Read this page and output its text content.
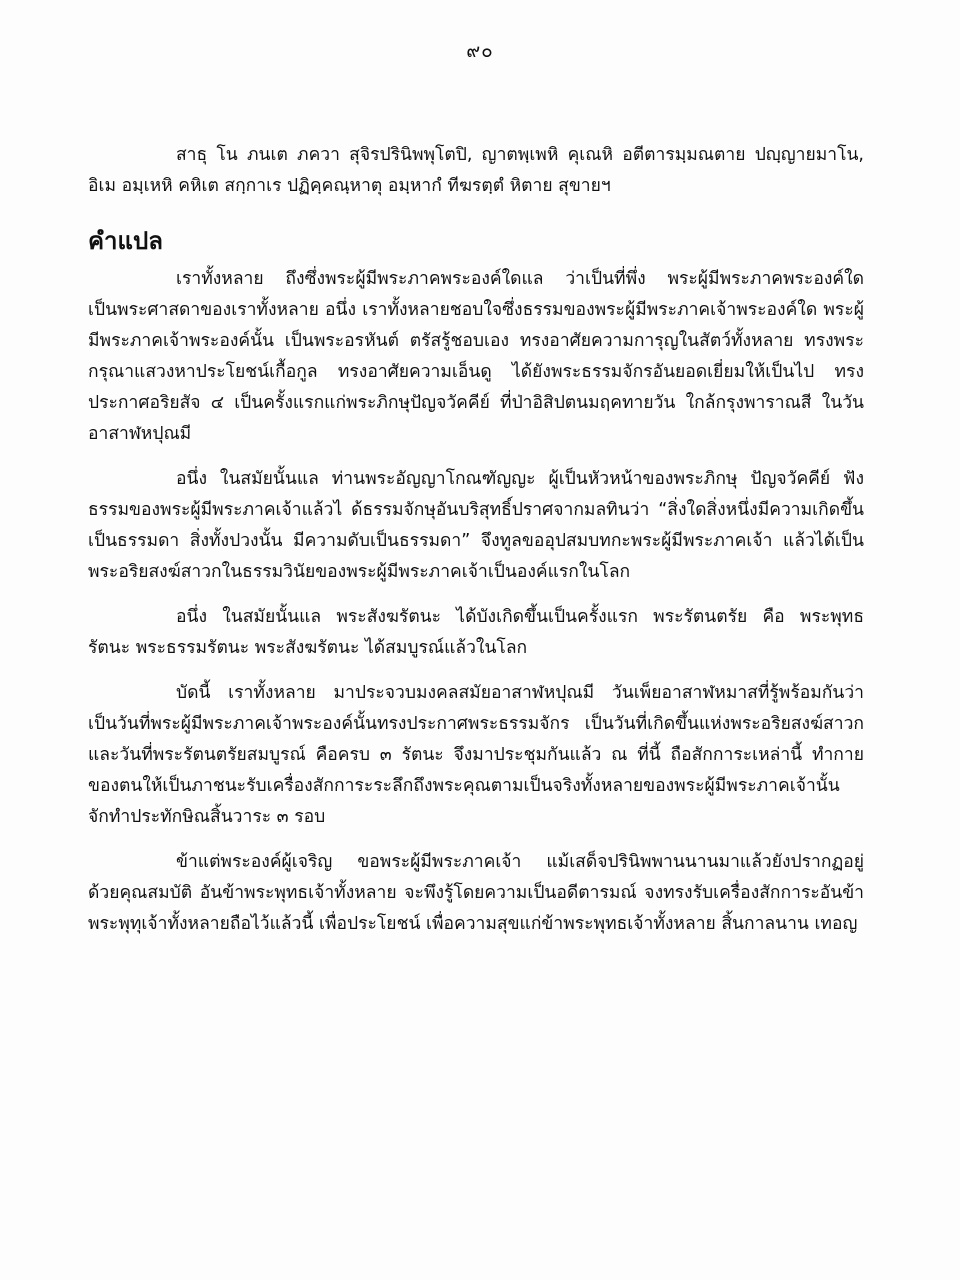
๙๐
สาธุ โน ภนเต ภควา สุจิรปรินิพพุโตปิ, ญาตพฺเพหิ คุเณหิ อตีตารมฺมณตาย ปญฺญายมาโน,
อิเม อมฺเหหิ คหิเต สกฺกาเร ปฏิคฺคณฺหาตุ อมฺหากํ ทีฆรตฺตํ หิตาย สุขายฯ
คำแปล
เราทั้งหลาย ถึงซึ่งพระผู้มีพระภาคพระองค์ใดแล ว่าเป็นที่พึ่ง พระผู้มีพระภาคพระองค์ใด
เป็นพระศาสดาของเราทั้งหลาย อนึ่ง เราทั้งหลายชอบใจซึ่งธรรมของพระผู้มีพระภาคเจ้าพระองค์ใด พระผู้
มีพระภาคเจ้าพระองค์นั้น เป็นพระอรหันต์ ตรัสรู้ชอบเอง ทรงอาศัยความการุญในสัตว์ทั้งหลาย ทรงพระ
กรุณาแสวงหาประโยชน์เกื้อกูล ทรงอาศัยความเอ็นดู ได้ยังพระธรรมจักรอันยอดเยี่ยมให้เป็นไป ทรง
ประกาศอริยสัจ ๔ เป็นครั้งแรกแก่พระภิกษุปัญจวัคคีย์ ที่ป่าอิสิปตนมฤคทายวัน ใกล้กรุงพาราณสี ในวัน
อาสาฬหปุณมี
อนึ่ง ในสมัยนั้นแล ท่านพระอัญญาโกณฑัญญะ ผู้เป็นหัวหน้าของพระภิกษุ ปัญจวัคคีย์ ฟัง
ธรรมของพระผู้มีพระภาคเจ้าแล้วไ ด้ธรรมจักษุอันบริสุทธิ์ปราศจากมลทินว่า “สิ่งใดสิ่งหนึ่งมีความเกิดขึ้น
เป็นธรรมดา สิ่งทั้งปวงนั้น มีความดับเป็นธรรมดา” จึงทูลขออุปสมบทกะพระผู้มีพระภาคเจ้า แล้วได้เป็น
พระอริยสงฆ์สาวกในธรรมวินัยของพระผู้มีพระภาคเจ้าเป็นองค์แรกในโลก
อนึ่ง ในสมัยนั้นแล พระสังฆรัตนะ ได้บังเกิดขึ้นเป็นครั้งแรก พระรัตนตรัย คือ พระพุทธ
รัตนะ พระธรรมรัตนะ พระสังฆรัตนะ ได้สมบูรณ์แล้วในโลก
บัดนี้ เราทั้งหลาย มาประจวบมงคลสมัยอาสาฬหปุณมี วันเพ็ยอาสาฬหมาสที่รู้พร้อมกันว่า
เป็นวันที่พระผู้มีพระภาคเจ้าพระองค์นั้นทรงประกาศพระธรรมจักร เป็นวันที่เกิดขึ้นแห่งพระอริยสงฆ์สาวก
และวันที่พระรัตนตรัยสมบูรณ์ คือครบ ๓ รัตนะ จึงมาประชุมกันแล้ว ณ ที่นี้ ถือสักการะเหล่านี้ ทำกาย
ของตนให้เป็นภาชนะรับเครื่องสักการะระลึกถึงพระคุณตามเป็นจริงทั้งหลายของพระผู้มีพระภาคเจ้านั้น
จักทำประทักษิณสิ้นวาระ ๓ รอบ
ข้าแต่พระองค์ผู้เจริญ ขอพระผู้มีพระภาคเจ้า แม้เสด็จปรินิพพานนานมาแล้วยังปรากฏอยู่
ด้วยคุณสมบัติ อันข้าพระพุทธเจ้าทั้งหลาย จะพึงรู้โดยความเป็นอดีตารมณ์ จงทรงรับเครื่องสักการะอันข้า
พระพุทุเจ้าทั้งหลายถือไว้แล้วนี้ เพื่อประโยชน์ เพื่อความสุขแก่ข้าพระพุทธเจ้าทั้งหลาย สิ้นกาลนาน เทอญ
